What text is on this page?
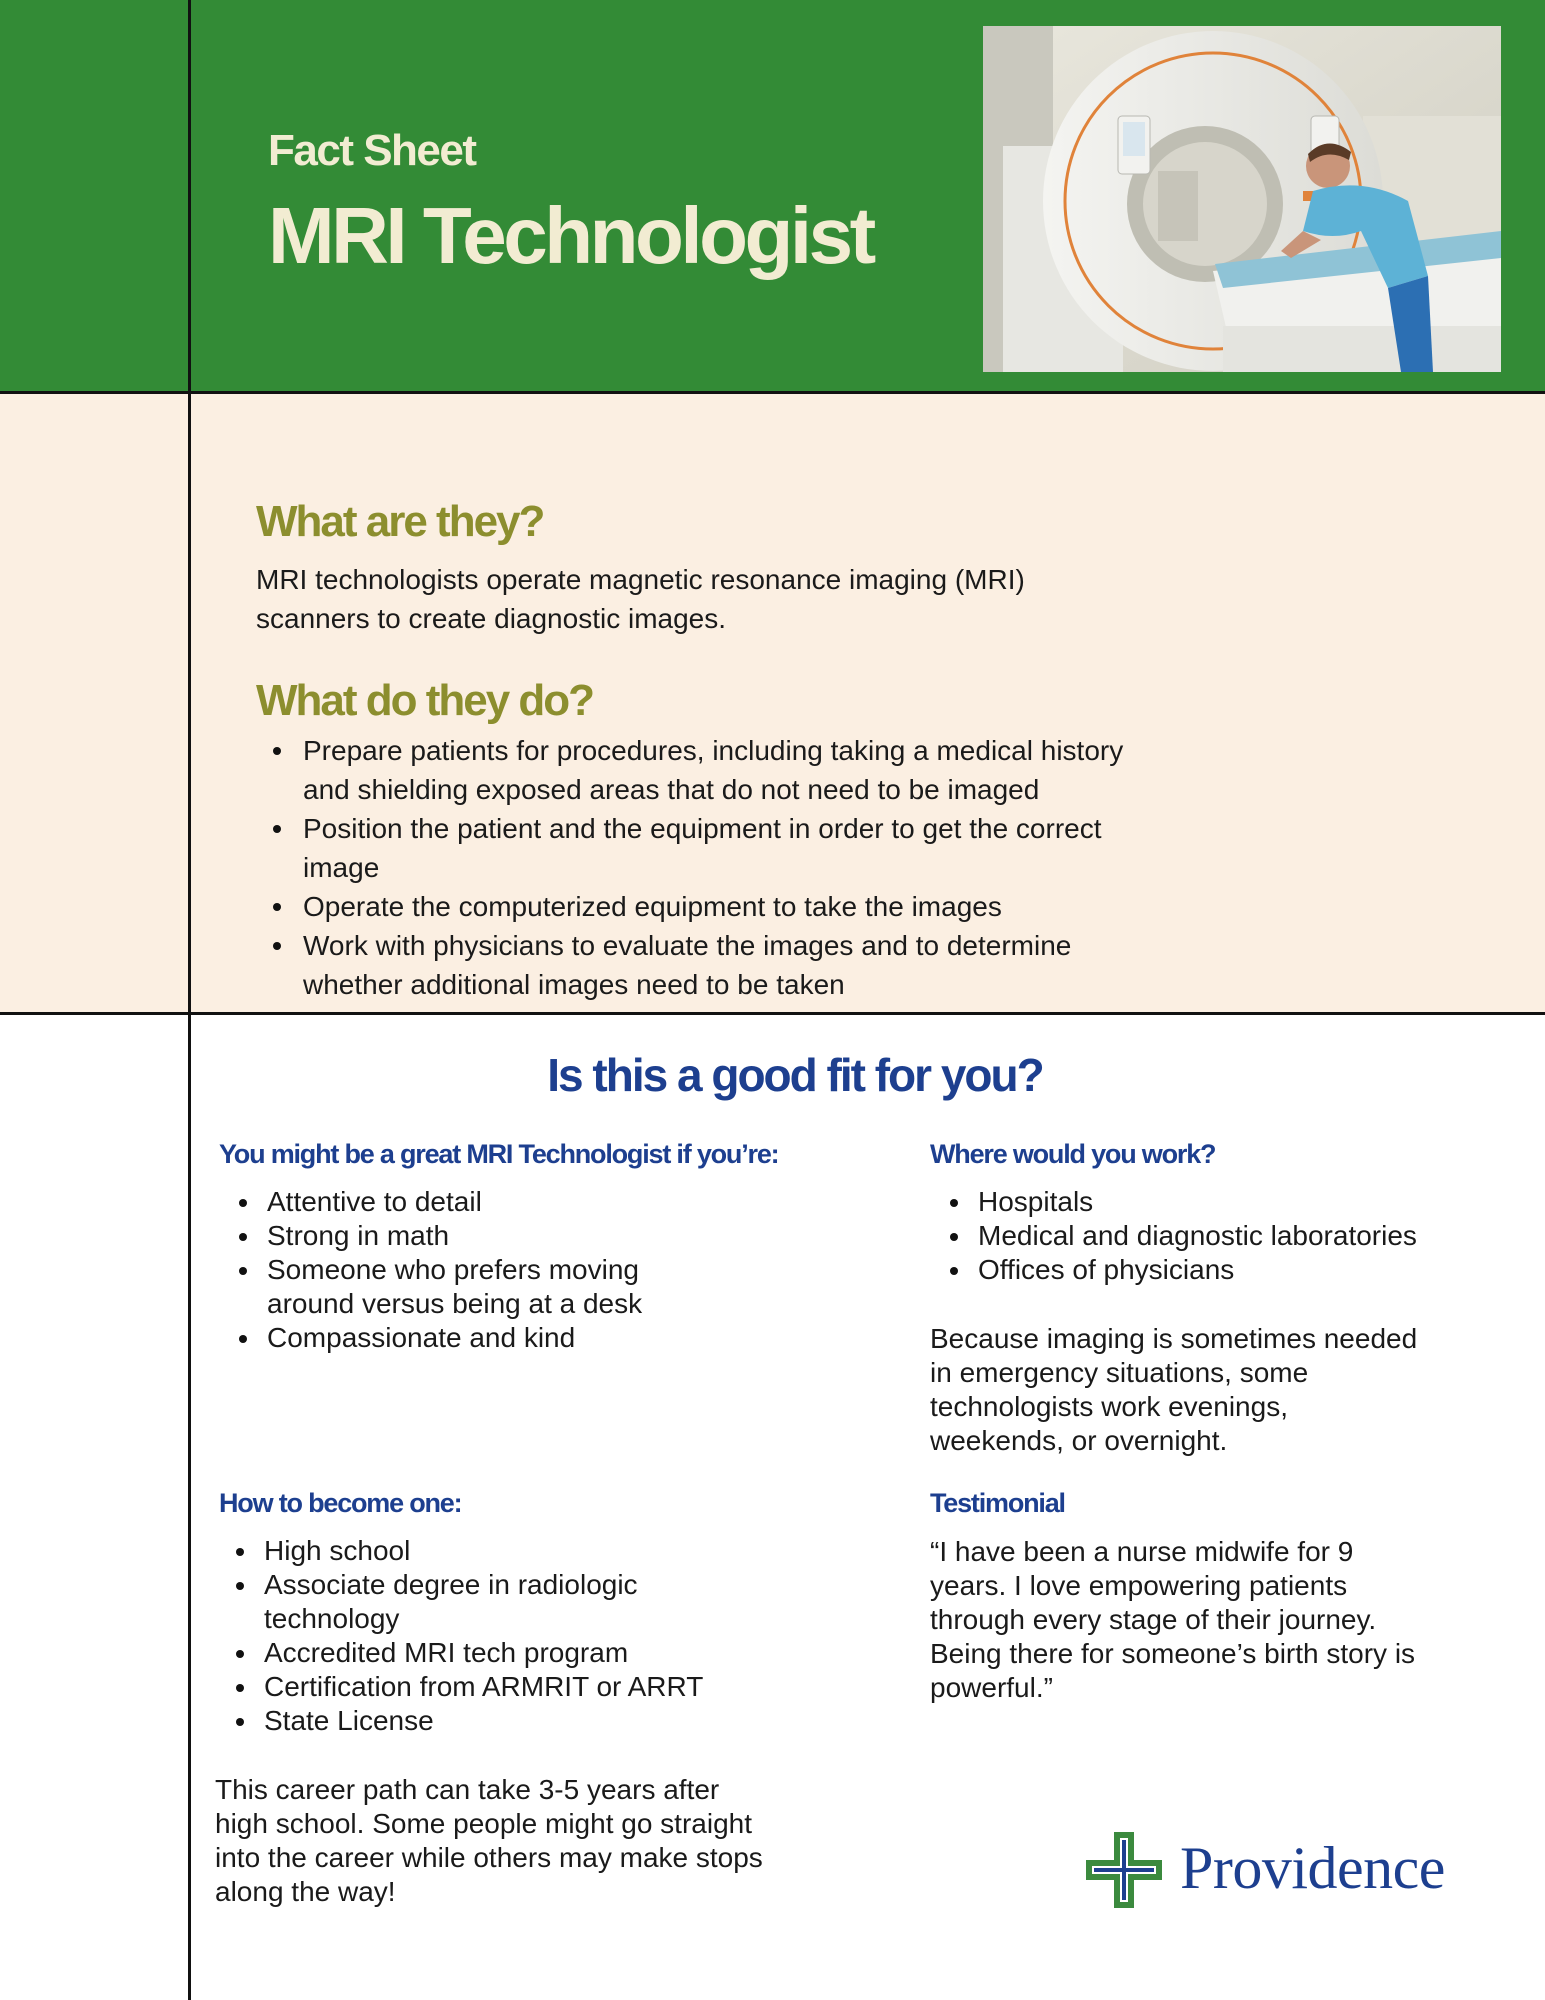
Fact Sheet
MRI Technologist
What are they?
MRI technologists operate magnetic resonance imaging (MRI)
scanners to create diagnostic images.
What do they do?
Prepare patients for procedures, including taking a medical history
and shielding exposed areas that do not need to be imaged
Position the patient and the equipment in order to get the correct
image
Operate the computerized equipment to take the images
Work with physicians to evaluate the images and to determine
whether additional images need to be taken
Is this a good fit for you?
You might be a great MRI Technologist if you’re:
Attentive to detail
Strong in math
Someone who prefers moving
around versus being at a desk
Compassionate and kind
Where would you work?
Hospitals
Medical and diagnostic laboratories
Offices of physicians
Because imaging is sometimes needed
in emergency situations, some
technologists work evenings,
weekends, or overnight.
How to become one:
High school
Associate degree in radiologic
technology
Accredited MRI tech program
Certification from ARMRIT or ARRT
State License
This career path can take 3-5 years after
high school. Some people might go straight
into the career while others may make stops
along the way!
Testimonial
“I have been a nurse midwife for 9
years. I love empowering patients
through every stage of their journey.
Being there for someone’s birth story is
powerful.”
Providence
